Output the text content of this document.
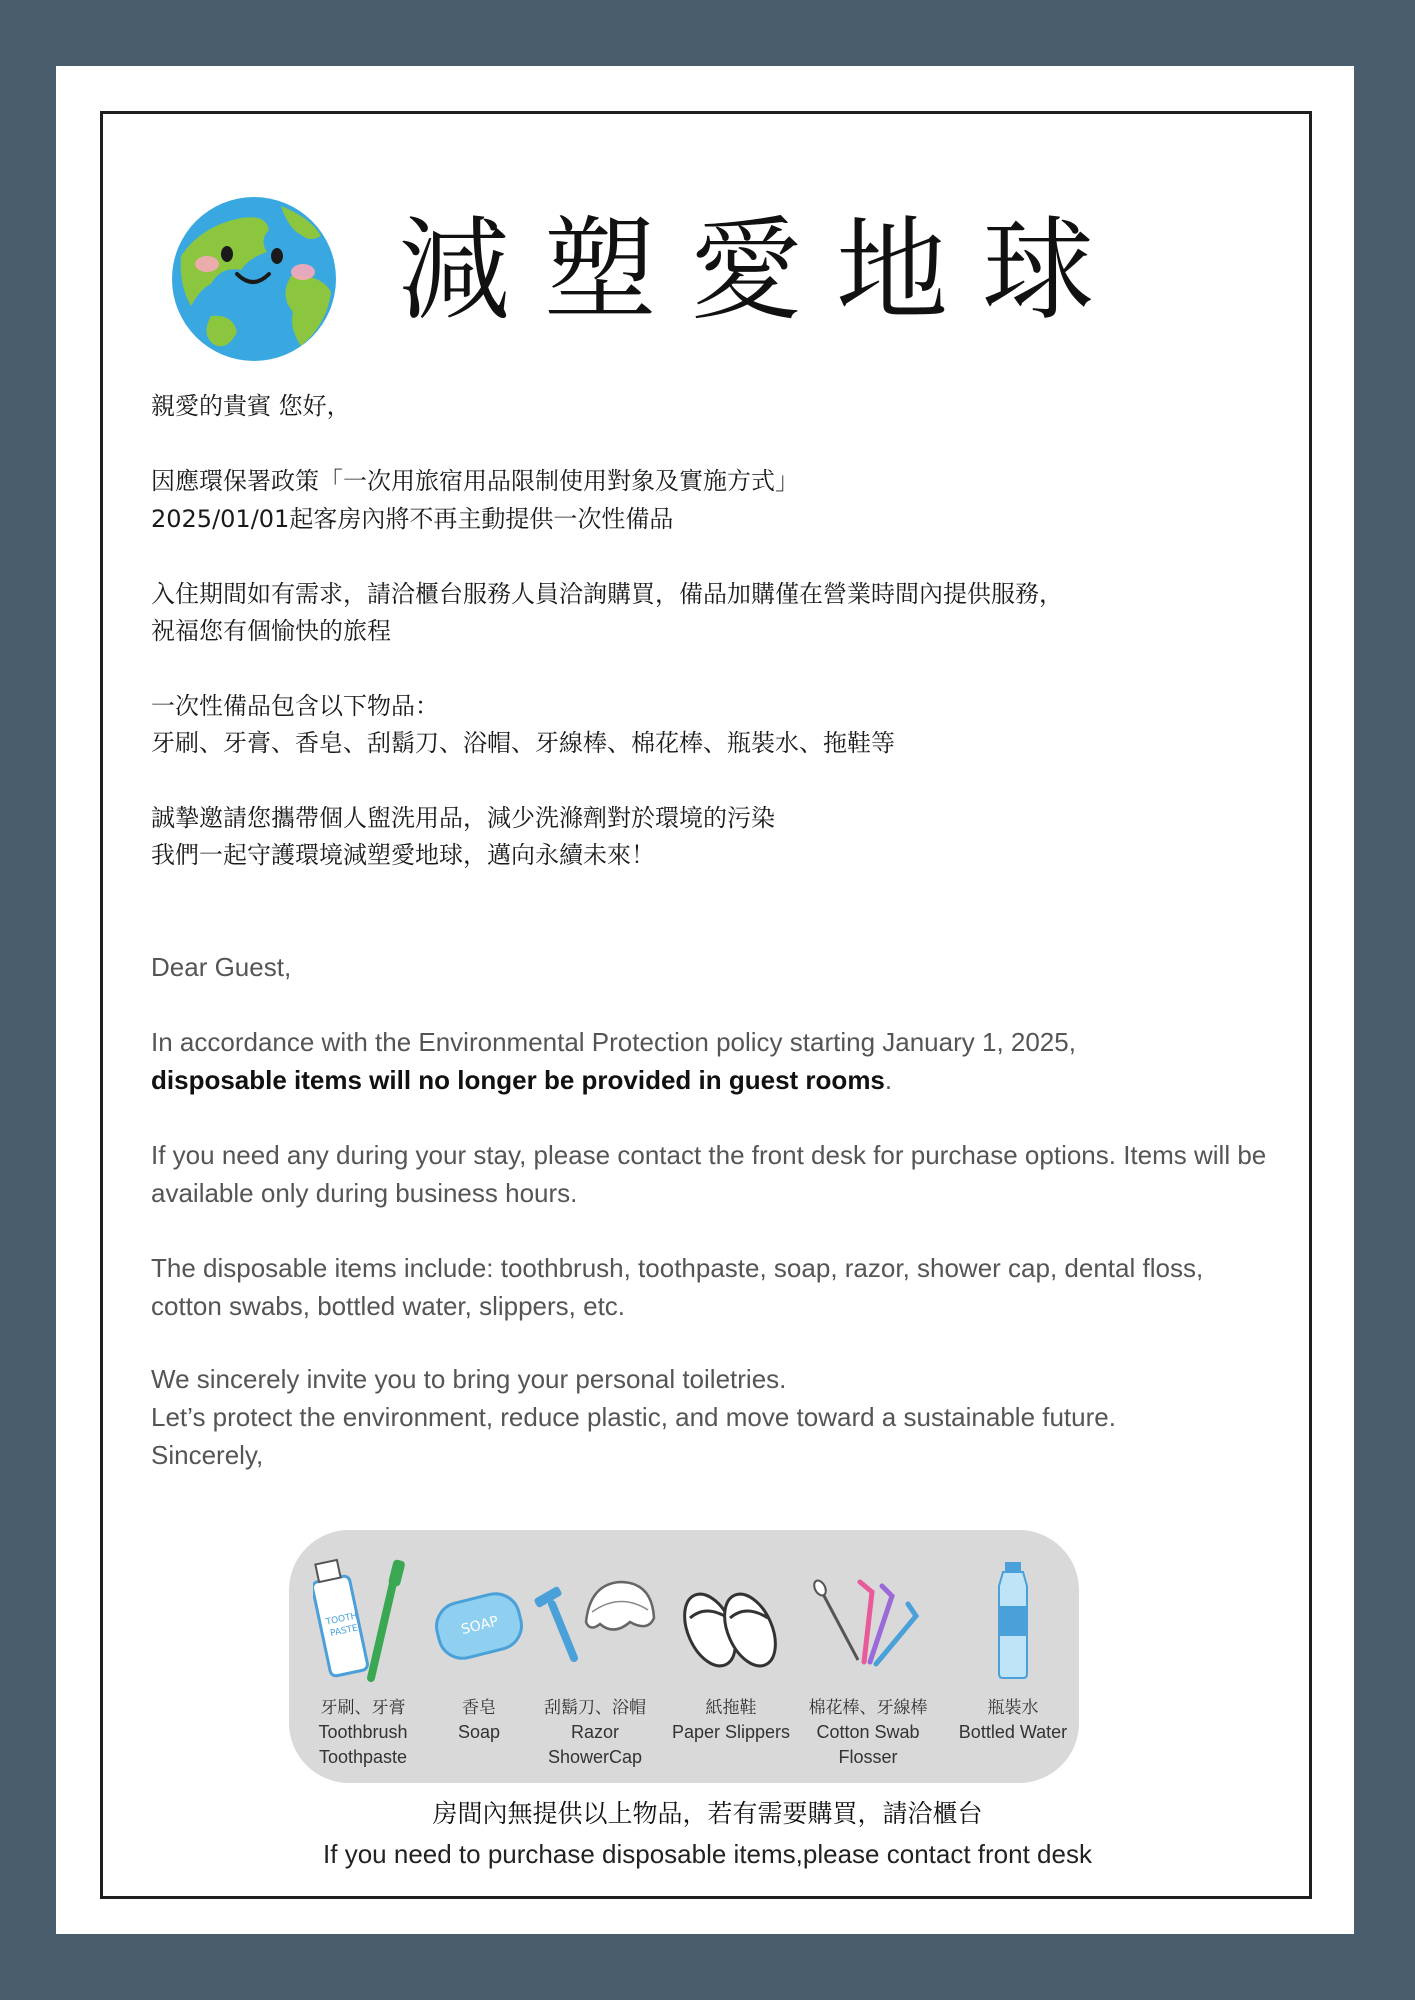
減塑愛地球
親愛的貴賓 您好，
因應環保署政策「一次用旅宿用品限制使用對象及實施方式」
2025/01/01起客房內將不再主動提供一次性備品
入住期間如有需求，請洽櫃台服務人員洽詢購買，備品加購僅在營業時間內提供服務，
祝福您有個愉快的旅程
一次性備品包含以下物品：
牙刷、牙膏、香皂、刮鬍刀、浴帽、牙線棒、棉花棒、瓶裝水、拖鞋等
誠摯邀請您攜帶個人盥洗用品，減少洗滌劑對於環境的污染
我們一起守護環境減塑愛地球，邁向永續未來！
Dear Guest,
In accordance with the Environmental Protection policy starting January 1, 2025,
disposable items will no longer be provided in guest rooms.
If you need any during your stay, please contact the front desk for purchase options. Items will be available only during business hours.
The disposable items include: toothbrush, toothpaste, soap, razor, shower cap, dental floss, cotton swabs, bottled water, slippers, etc.
We sincerely invite you to bring your personal toiletries.
Let’s protect the environment, reduce plastic, and move toward a sustainable future.
Sincerely,
TOOTH
PASTE
牙刷、牙膏
Toothbrush
Toothpaste
SOAP
香皂
Soap
刮鬍刀、浴帽
Razor
ShowerCap
紙拖鞋
Paper Slippers
棉花棒、牙線棒
Cotton Swab
Flosser
瓶裝水
Bottled Water
房間內無提供以上物品，若有需要購買，請洽櫃台
If you need to purchase disposable items,please contact front desk
